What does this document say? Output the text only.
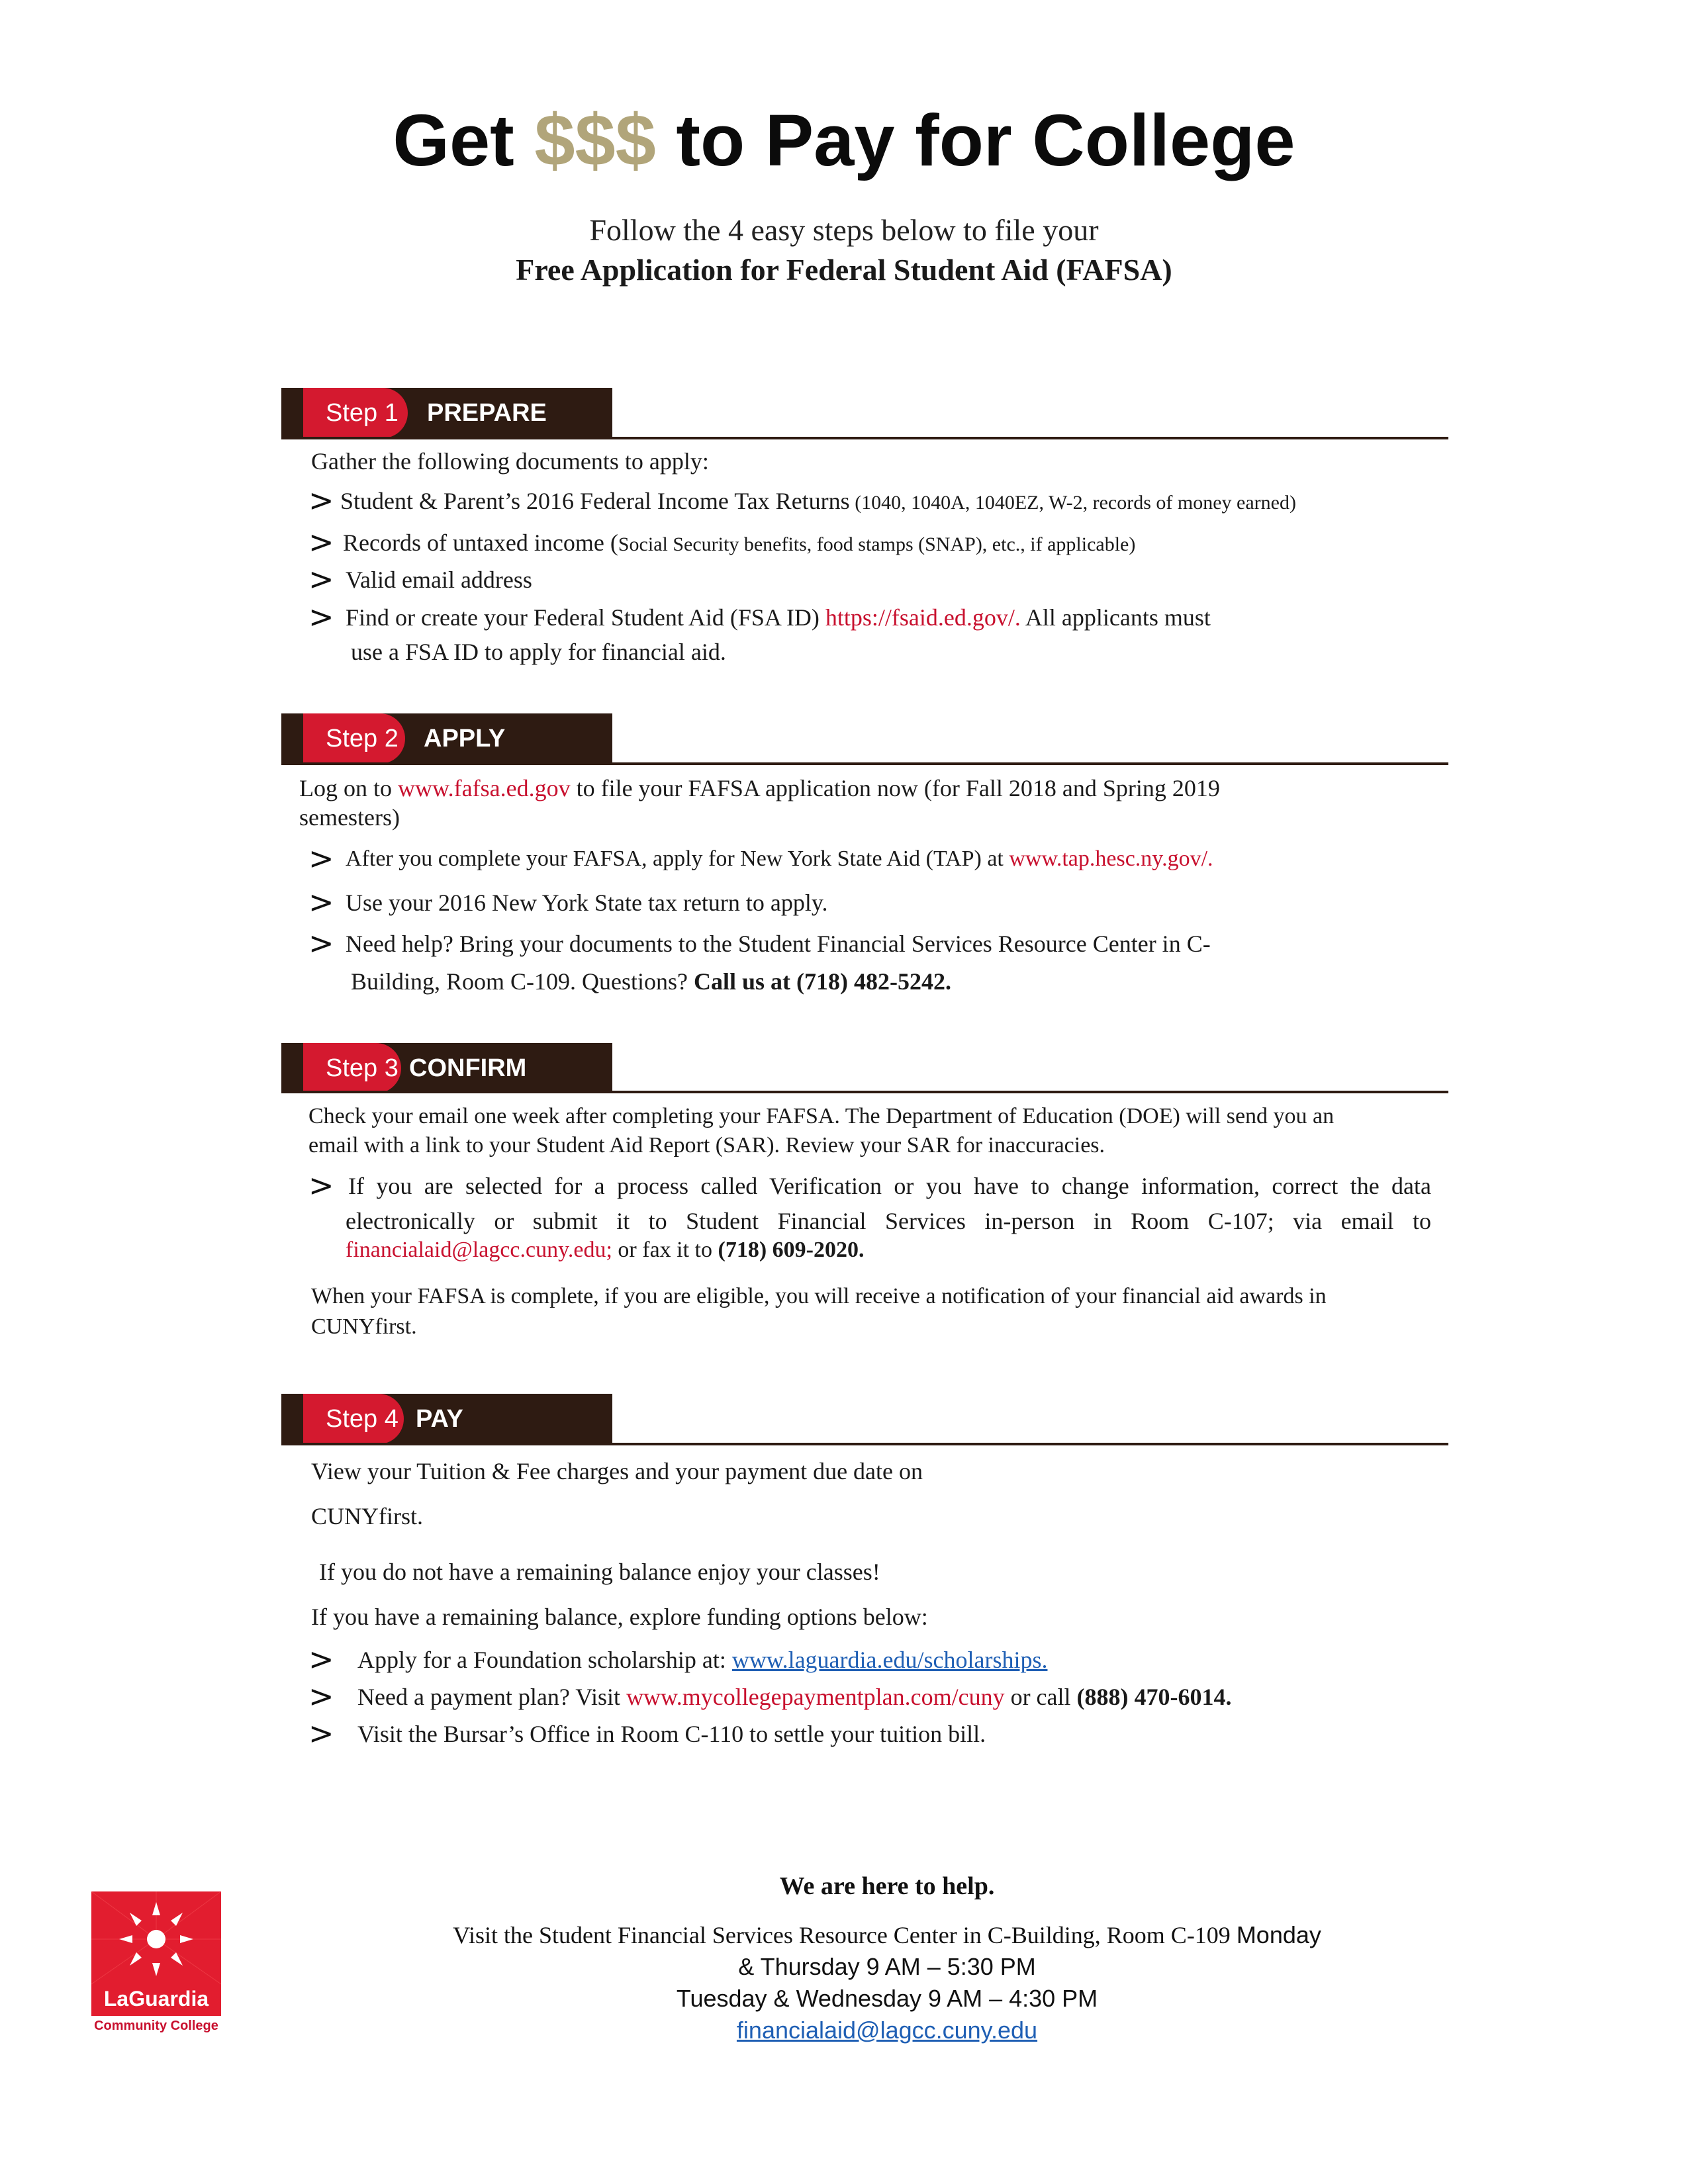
Get $$$ to Pay for College
Follow the 4 easy steps below to file your
Free Application for Federal Student Aid (FAFSA)
Step 1	PREPARE
Gather the following documents to apply:
> Student & Parent’s 2016 Federal Income Tax Returns (1040, 1040A, 1040EZ, W-2, records of money earned)
> Records of untaxed income (Social Security benefits, food stamps (SNAP), etc., if applicable)
> Valid email address
> Find or create your Federal Student Aid (FSA ID) https://fsaid.ed.gov/. All applicants must
use a FSA ID to apply for financial aid.
Step 2 APPLY
Log on to www.fafsa.ed.gov to file your FAFSA application now (for Fall 2018 and Spring 2019
semesters)
> After you complete your FAFSA, apply for New York State Aid (TAP) at www.tap.hesc.ny.gov/.
> Use your 2016 New York State tax return to apply.
> Need help? Bring your documents to the Student Financial Services Resource Center in C-
Building, Room C-109. Questions? Call us at (718) 482-5242.
Step 3 CONFIRM
Check your email one week after completing your FAFSA. The Department of Education (DOE) will send you an
email with a link to your Student Aid Report (SAR). Review your SAR for inaccuracies.
> If you are selected for a process called Verification or you have to change information, correct the data
electronically or submit it to Student Financial Services in-person in Room C-107; via email to
financialaid@lagcc.cuny.edu; or fax it to (718) 609-2020.
When your FAFSA is complete, if you are eligible, you will receive a notification of your financial aid awards in
CUNYfirst.
Step 4 PAY
View your Tuition & Fee charges and your payment due date on
CUNYfirst.
If you do not have a remaining balance enjoy your classes!
If you have a remaining balance, explore funding options below:
> Apply for a Foundation scholarship at: www.laguardia.edu/scholarships.
> Need a payment plan? Visit www.mycollegepaymentplan.com/cuny or call (888) 470-6014.
> Visit the Bursar’s Office in Room C-110 to settle your tuition bill.
We are here to help.
Visit the Student Financial Services Resource Center in C-Building, Room C-109 Monday
& Thursday 9 AM – 5:30 PM
Tuesday & Wednesday 9 AM – 4:30 PM
financialaid@lagcc.cuny.edu
LaGuardia
Community College
